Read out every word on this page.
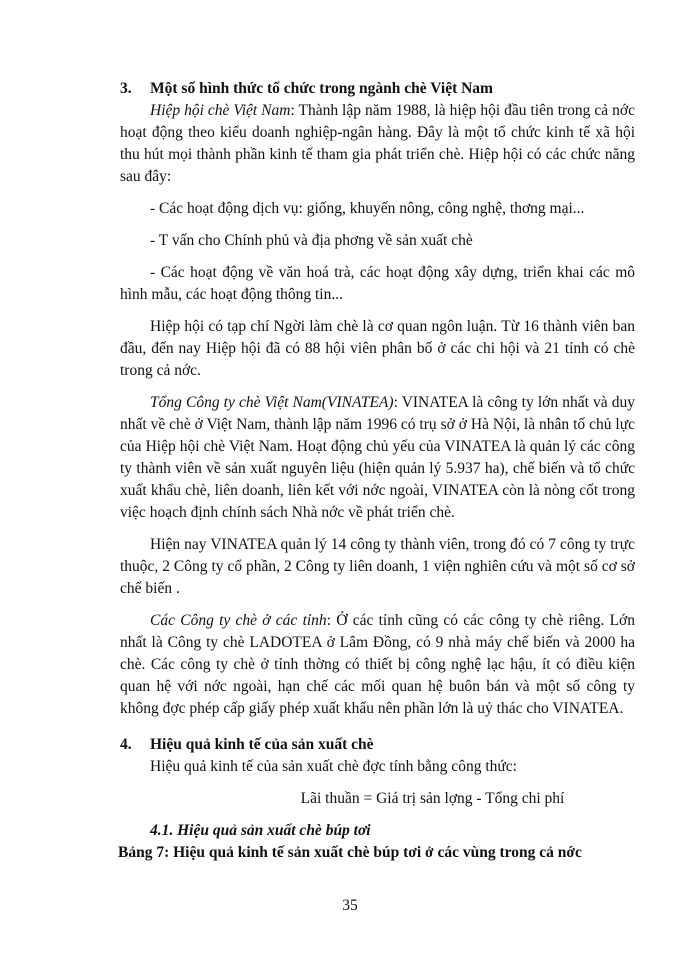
3. Một số hình thức tổ chức trong ngành chè Việt Nam

Hiệp hội chè Việt Nam: Thành lập năm 1988, là hiệp hội đầu tiên trong cả nớc hoạt động theo kiểu doanh nghiệp-ngân hàng. Đây là một tổ chức kinh tế xã hội thu hút mọi thành phần kinh tế tham gia phát triển chè. Hiệp hội có các chức năng sau đây:

- Các hoạt động dịch vụ: giống, khuyến nông, công nghệ, thơng mại...

- T vấn cho Chính phủ và địa phơng về sản xuất chè

- Các hoạt động về văn hoá trà, các hoạt động xây dựng, triển khai các mô hình mẫu, các hoạt động thông tin...

Hiệp hội có tạp chí Ngời làm chè là cơ quan ngôn luận. Từ 16 thành viên ban đầu, đến nay Hiệp hội đã có 88 hội viên phân bố ở các chi hội và 21 tỉnh có chè trong cả nớc.

Tổng Công ty chè Việt Nam(VINATEA): VINATEA là công ty lớn nhất và duy nhất về chè ở Việt Nam, thành lập năm 1996 có trụ sở ở Hà Nội, là nhân tố chủ lực của Hiệp hội chè Việt Nam. Hoạt động chủ yếu của VINATEA là quản lý các công ty thành viên về sản xuất nguyên liệu (hiện quản lý 5.937 ha), chế biến và tổ chức xuất khẩu chè, liên doanh, liên kết với nớc ngoài, VINATEA còn là nòng cốt trong việc hoạch định chính sách Nhà nớc về phát triển chè.

Hiện nay VINATEA quản lý 14 công ty thành viên, trong đó có 7 công ty trực thuộc, 2 Công ty cổ phần, 2 Công ty liên doanh, 1 viện nghiên cứu và một số cơ sở chế biến .

Các Công ty chè ở các tỉnh: Ở các tỉnh cũng có các công ty chè riêng. Lớn nhất là Công ty chè LADOTEA ở Lâm Đồng, có 9 nhà máy chế biến và 2000 ha chè. Các công ty chè ở tỉnh thờng có thiết bị công nghệ lạc hậu, ít có điều kiện quan hệ với nớc ngoài, hạn chế các mối quan hệ buôn bán và một số công ty không đợc phép cấp giấy phép xuất khẩu nên phần lớn là uỷ thác cho VINATEA.

4. Hiệu quả kinh tế của sản xuất chè

Hiệu quả kinh tế của sản xuất chè đợc tính bằng công thức:

Lãi thuần = Giá trị sản lợng - Tổng chi phí

4.1. Hiệu quả sản xuất chè búp tơi

Bảng 7: Hiệu quả kinh tế sản xuất chè búp tơi ở các vùng trong cả nớc

35
